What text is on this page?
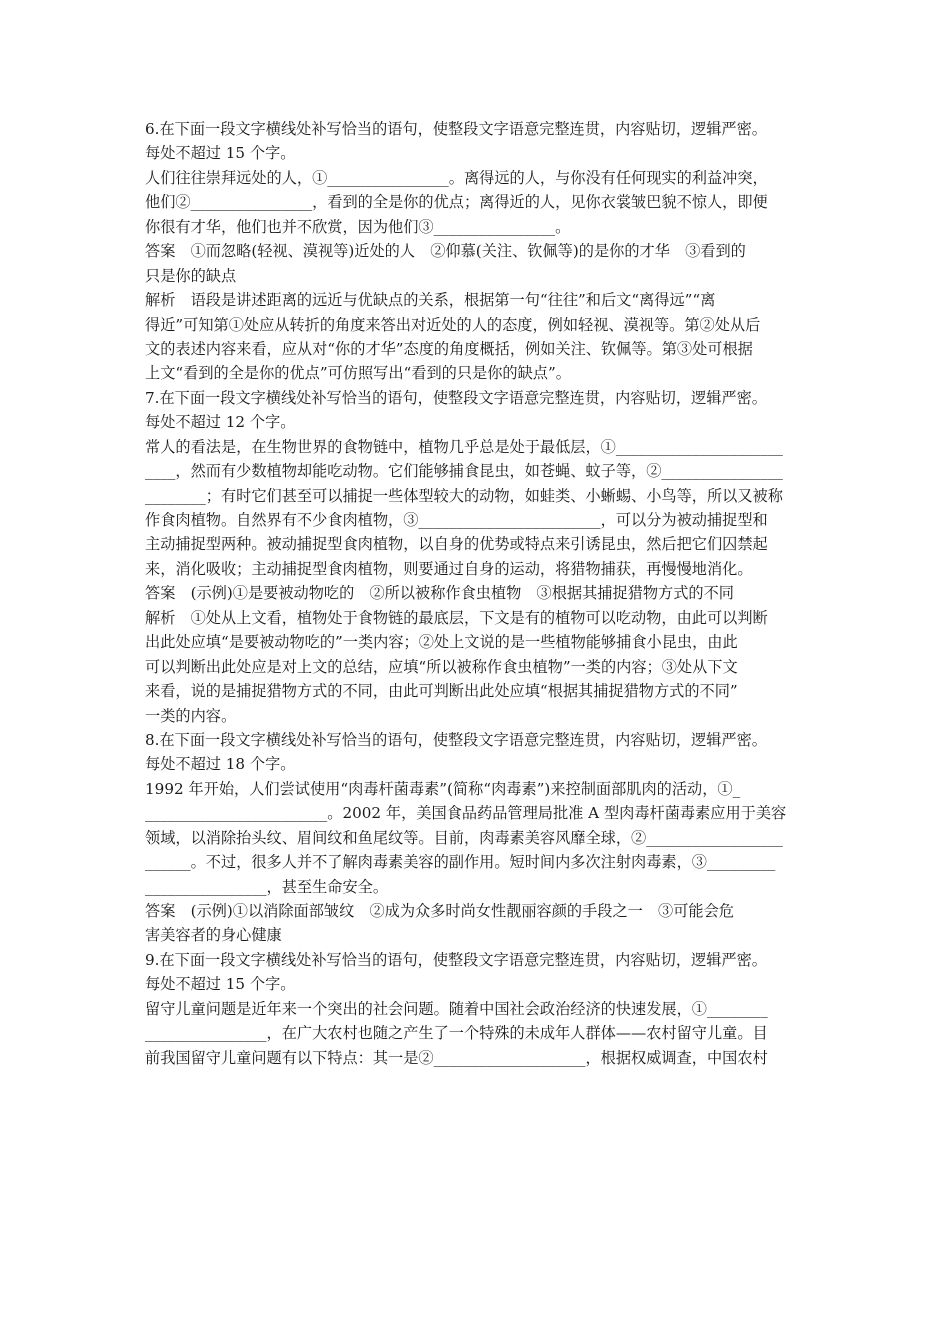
6.在下面一段文字横线处补写恰当的语句，使整段文字语意完整连贯，内容贴切，逻辑严密。
每处不超过 15 个字。
人们往往崇拜远处的人，①________________。离得远的人，与你没有任何现实的利益冲突，
他们②________________，看到的全是你的优点；离得近的人，见你衣裳皱巴貌不惊人，即便
你很有才华，他们也并不欣赏，因为他们③________________。
答案　①而忽略(轻视、漠视等)近处的人　②仰慕(关注、钦佩等)的是你的才华　③看到的
只是你的缺点
解析　语段是讲述距离的远近与优缺点的关系，根据第一句“往往”和后文“离得远”“离
得近”可知第①处应从转折的角度来答出对近处的人的态度，例如轻视、漠视等。第②处从后
文的表述内容来看，应从对“你的才华”态度的角度概括，例如关注、钦佩等。第③处可根据
上文“看到的全是你的优点”可仿照写出“看到的只是你的缺点”。
7.在下面一段文字横线处补写恰当的语句，使整段文字语意完整连贯，内容贴切，逻辑严密。
每处不超过 12 个字。
常人的看法是，在生物世界的食物链中，植物几乎总是处于最低层，①______________________
____，然而有少数植物却能吃动物。它们能够捕食昆虫，如苍蝇、蚊子等，②________________
________；有时它们甚至可以捕捉一些体型较大的动物，如蛙类、小蜥蜴、小鸟等，所以又被称
作食肉植物。自然界有不少食肉植物，③________________________，可以分为被动捕捉型和
主动捕捉型两种。被动捕捉型食肉植物，以自身的优势或特点来引诱昆虫，然后把它们囚禁起
来，消化吸收；主动捕捉型食肉植物，则要通过自身的运动，将猎物捕获，再慢慢地消化。
答案　(示例)①是要被动物吃的　②所以被称作食虫植物　③根据其捕捉猎物方式的不同
解析　①处从上文看，植物处于食物链的最底层，下文是有的植物可以吃动物，由此可以判断
出此处应填“是要被动物吃的”一类内容；②处上文说的是一些植物能够捕食小昆虫，由此
可以判断出此处应是对上文的总结，应填“所以被称作食虫植物”一类的内容；③处从下文
来看，说的是捕捉猎物方式的不同，由此可判断出此处应填“根据其捕捉猎物方式的不同”
一类的内容。
8.在下面一段文字横线处补写恰当的语句，使整段文字语意完整连贯，内容贴切，逻辑严密。
每处不超过 18 个字。
1992 年开始，人们尝试使用“肉毒杆菌毒素”(简称“肉毒素”)来控制面部肌肉的活动，①_
________________________。2002 年，美国食品药品管理局批准 A 型肉毒杆菌毒素应用于美容
领域，以消除抬头纹、眉间纹和鱼尾纹等。目前，肉毒素美容风靡全球，②__________________
______。不过，很多人并不了解肉毒素美容的副作用。短时间内多次注射肉毒素，③_________
________________，甚至生命安全。
答案　(示例)①以消除面部皱纹　②成为众多时尚女性靓丽容颜的手段之一　③可能会危
害美容者的身心健康
9.在下面一段文字横线处补写恰当的语句，使整段文字语意完整连贯，内容贴切，逻辑严密。
每处不超过 15 个字。
留守儿童问题是近年来一个突出的社会问题。随着中国社会政治经济的快速发展，①________
________________，在广大农村也随之产生了一个特殊的未成年人群体——农村留守儿童。目
前我国留守儿童问题有以下特点：其一是②____________________，根据权威调查，中国农村
